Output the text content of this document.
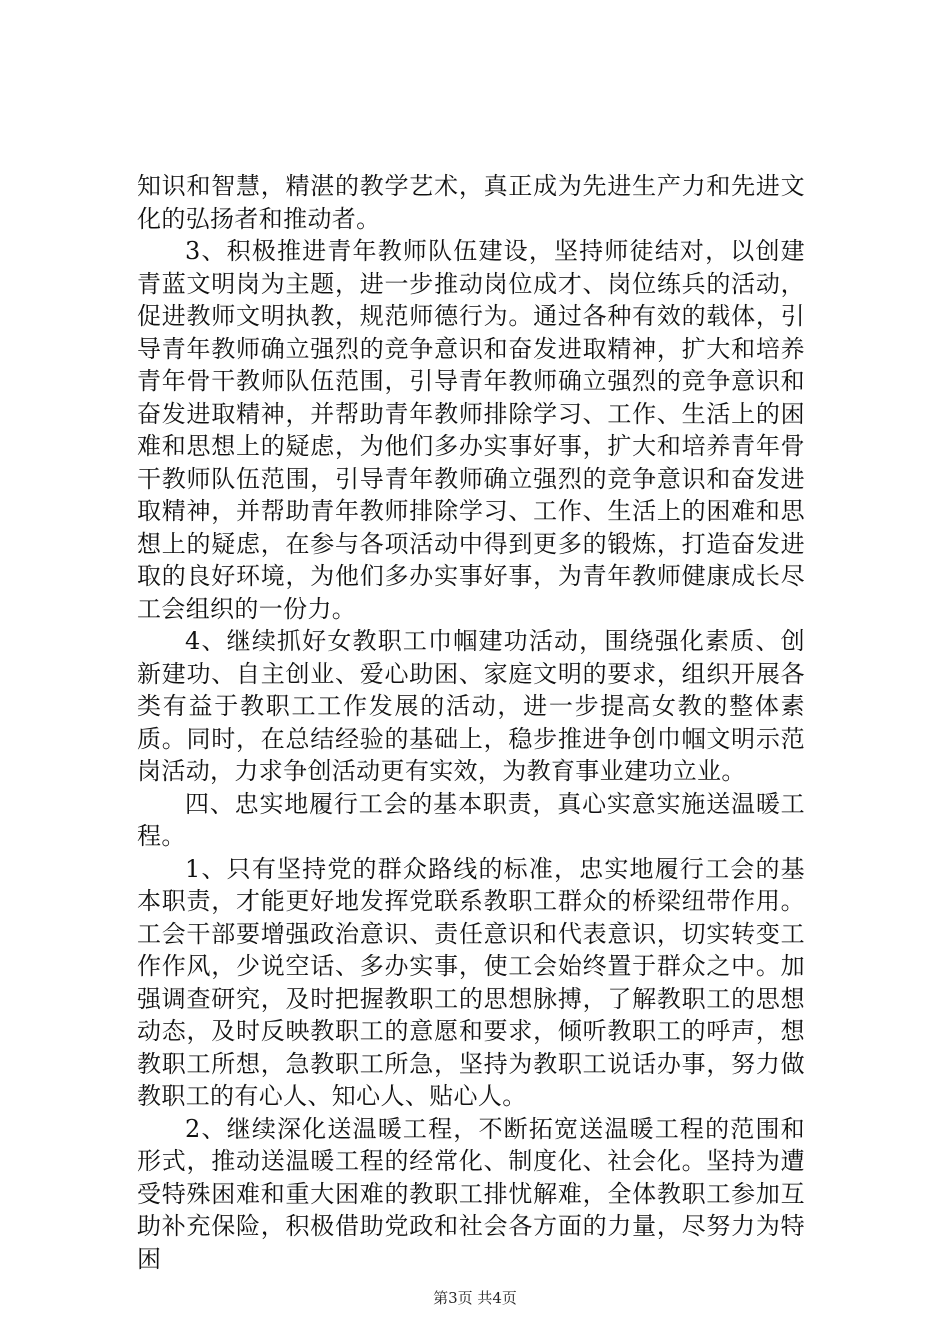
知识和智慧，精湛的教学艺术，真正成为先进生产力和先进文化的弘扬者和推动者。

3、积极推进青年教师队伍建设，坚持师徒结对，以创建青蓝文明岗为主题，进一步推动岗位成才、岗位练兵的活动，促进教师文明执教，规范师德行为。通过各种有效的载体，引导青年教师确立强烈的竞争意识和奋发进取精神，扩大和培养青年骨干教师队伍范围，引导青年教师确立强烈的竞争意识和奋发进取精神，并帮助青年教师排除学习、工作、生活上的困难和思想上的疑虑，为他们多办实事好事，扩大和培养青年骨干教师队伍范围，引导青年教师确立强烈的竞争意识和奋发进取精神，并帮助青年教师排除学习、工作、生活上的困难和思想上的疑虑，在参与各项活动中得到更多的锻炼，打造奋发进取的良好环境，为他们多办实事好事，为青年教师健康成长尽工会组织的一份力。

4、继续抓好女教职工巾帼建功活动，围绕强化素质、创新建功、自主创业、爱心助困、家庭文明的要求，组织开展各类有益于教职工工作发展的活动，进一步提高女教的整体素质。同时，在总结经验的基础上，稳步推进争创巾帼文明示范岗活动，力求争创活动更有实效，为教育事业建功立业。

四、忠实地履行工会的基本职责，真心实意实施送温暖工程。

1、只有坚持党的群众路线的标准，忠实地履行工会的基本职责，才能更好地发挥党联系教职工群众的桥梁纽带作用。工会干部要增强政治意识、责任意识和代表意识，切实转变工作作风，少说空话、多办实事，使工会始终置于群众之中。加强调查研究，及时把握教职工的思想脉搏，了解教职工的思想动态，及时反映教职工的意愿和要求，倾听教职工的呼声，想教职工所想，急教职工所急，坚持为教职工说话办事，努力做教职工的有心人、知心人、贴心人。

2、继续深化送温暖工程，不断拓宽送温暖工程的范围和形式，推动送温暖工程的经常化、制度化、社会化。坚持为遭受特殊困难和重大困难的教职工排忧解难，全体教职工参加互助补充保险，积极借助党政和社会各方面的力量，尽努力为特困

第3页 共4页
